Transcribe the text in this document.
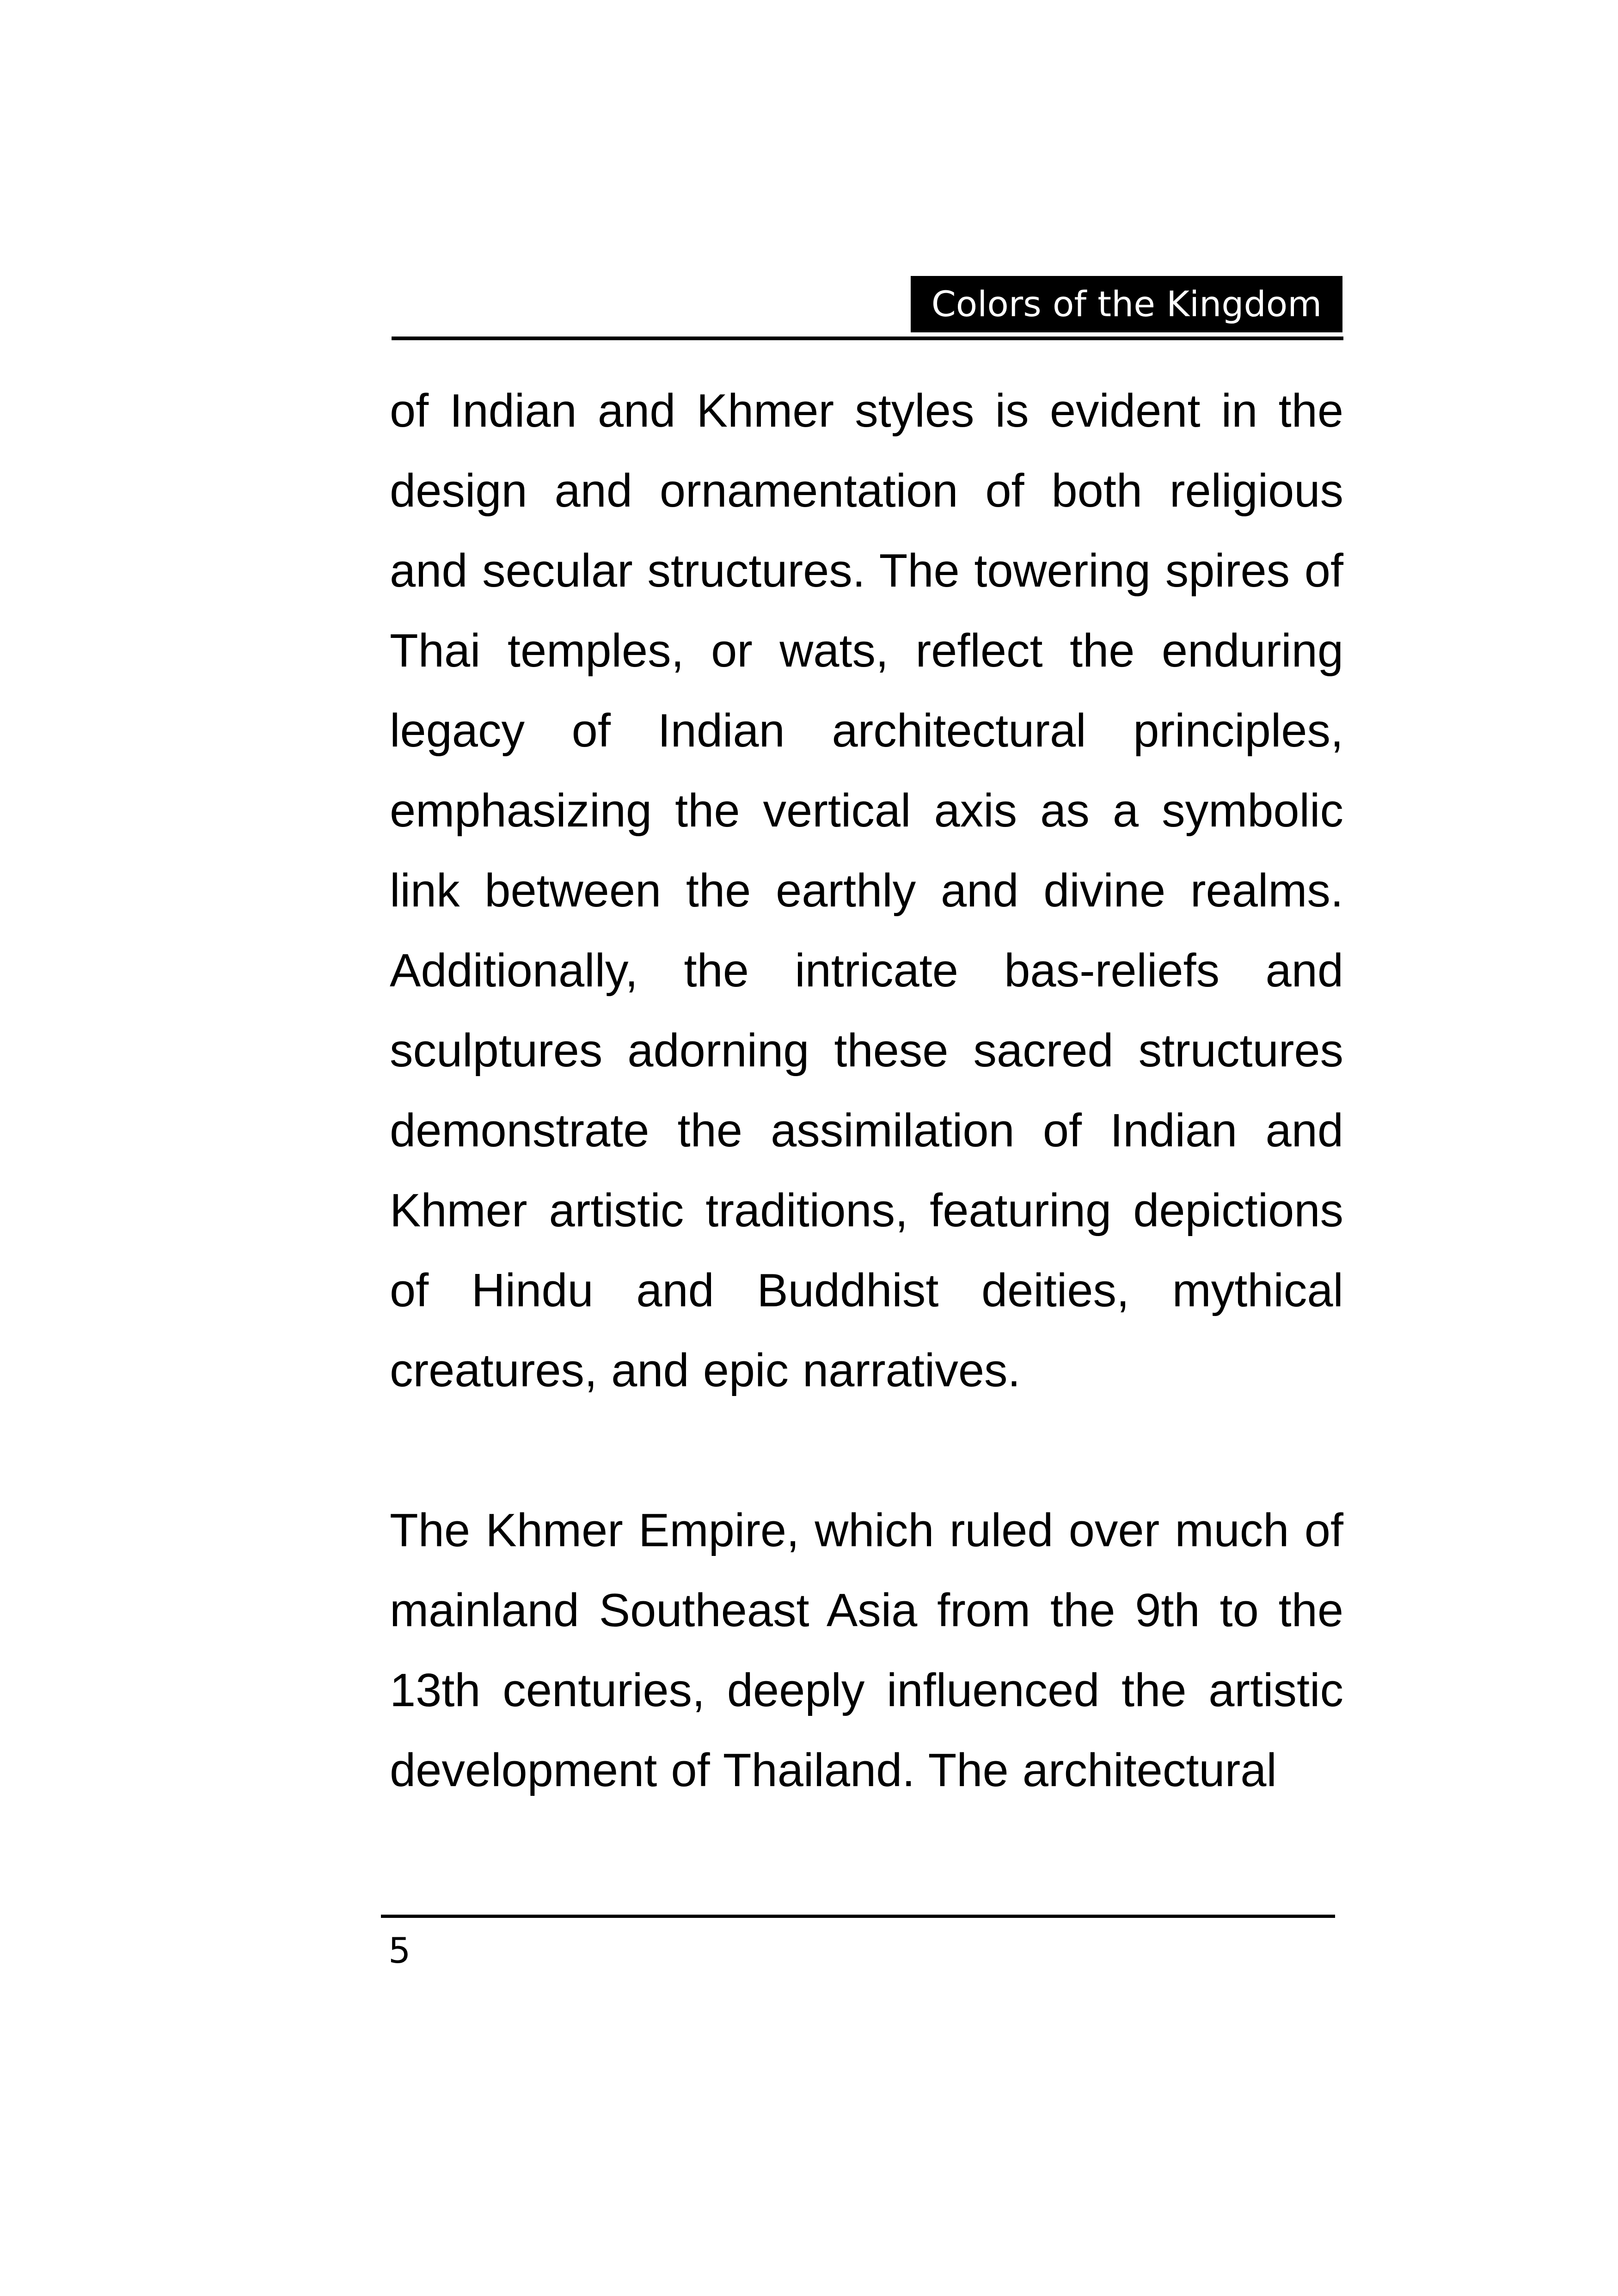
Colors of the Kingdom

of Indian and Khmer styles is evident in the design and ornamentation of both religious and secular structures. The towering spires of Thai temples, or wats, reflect the enduring legacy of Indian architectural principles, emphasizing the vertical axis as a symbolic link between the earthly and divine realms. Additionally, the intricate bas-reliefs and sculptures adorning these sacred structures demonstrate the assimilation of Indian and Khmer artistic traditions, featuring depictions of Hindu and Buddhist deities, mythical creatures, and epic narratives.

The Khmer Empire, which ruled over much of mainland Southeast Asia from the 9th to the 13th centuries, deeply influenced the artistic development of Thailand. The architectural

5
